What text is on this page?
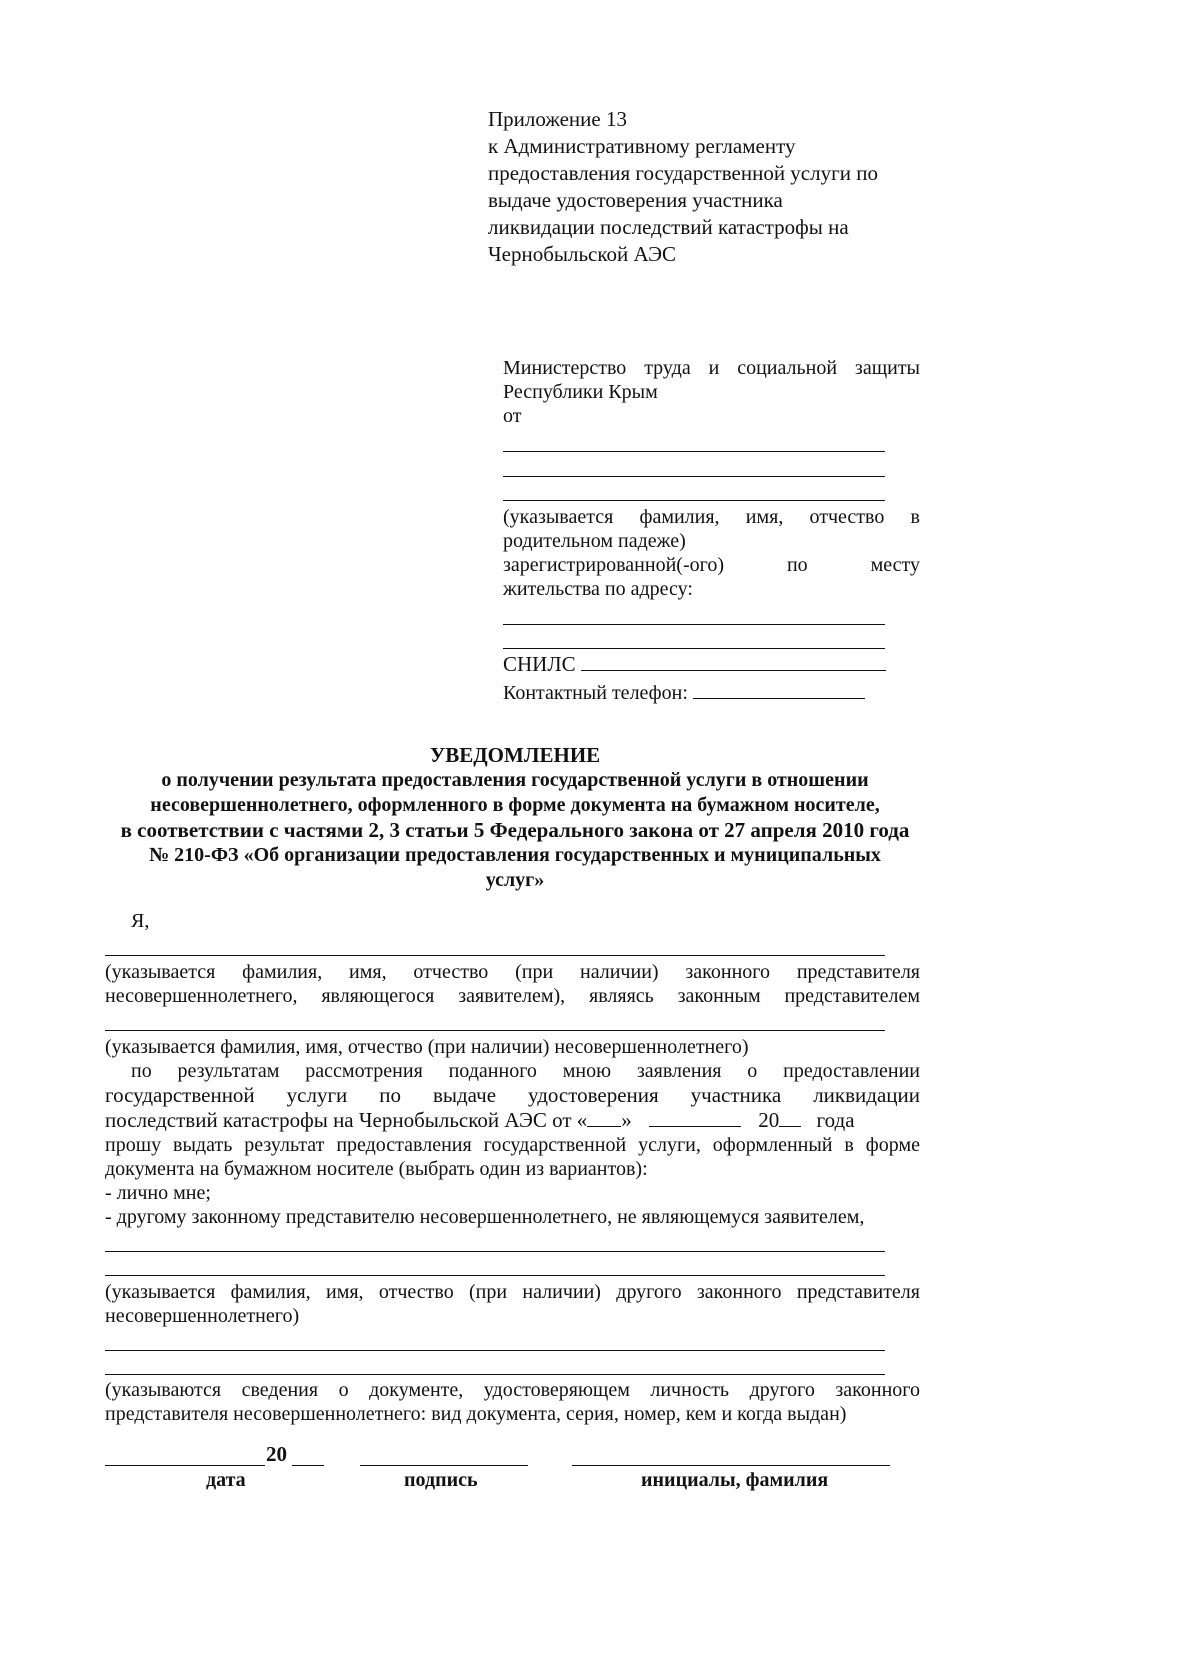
Приложение 13
к Административному регламенту
предоставления государственной услуги по
выдаче удостоверения участника
ликвидации последствий катастрофы на
Чернобыльской АЭС
Министерство труда и социальной защиты
Республики Крым
от
(указывается фамилия, имя, отчество в
родительном падеже)
зарегистрированной(-ого) по месту
жительства по адресу:
СНИЛС
Контактный телефон:
УВЕДОМЛЕНИЕ
о получении результата предоставления государственной услуги в отношении
несовершеннолетнего, оформленного в форме документа на бумажном носителе,
в соответствии с частями 2, 3 статьи 5 Федерального закона от 27 апреля 2010 года
№ 210-ФЗ «Об организации предоставления государственных и муниципальных
услуг»
Я,
(указывается фамилия, имя, отчество (при наличии) законного представителя
несовершеннолетнего, являющегося заявителем), являясь законным представителем
(указывается фамилия, имя, отчество (при наличии) несовершеннолетнего)
по результатам рассмотрения поданного мною заявления о предоставлении
государственной услуги по выдаче удостоверения участника ликвидации
последствий катастрофы на Чернобыльской АЭС от « »	20 года
прошу выдать результат предоставления государственной услуги, оформленный в форме
документа на бумажном носителе (выбрать один из вариантов):
- лично мне;
- другому законному представителю несовершеннолетнего, не являющемуся заявителем,
(указывается фамилия, имя, отчество (при наличии) другого законного представителя
несовершеннолетнего)
(указываются сведения о документе, удостоверяющем личность другого законного
представителя несовершеннолетнего: вид документа, серия, номер, кем и когда выдан)
20
дата	подпись	инициалы, фамилия
